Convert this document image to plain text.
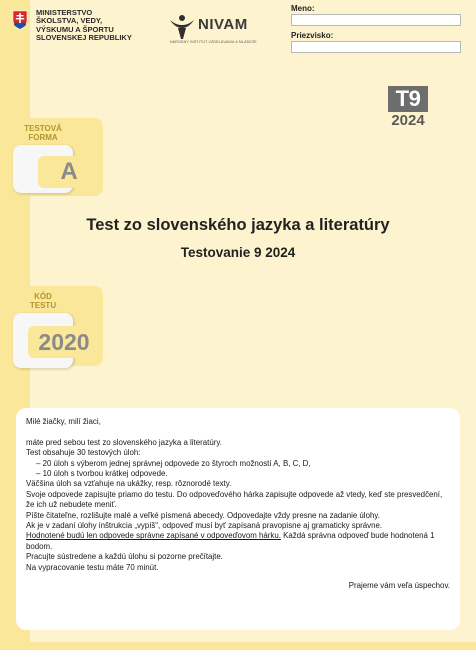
MINISTERSTVO
ŠKOLSTVA, VEDY,
VÝSKUMU A ŠPORTU
SLOVENSKEJ REPUBLIKY
NIVAM
NÁRODNÝ INŠTITÚT VZDELÁVANIA A MLÁDEŽE
Meno:
Priezvisko:
T9
2024
TESTOVÁ
FORMA
A
Test zo slovenského jazyka a literatúry
Testovanie 9 2024
KÓD
TESTU
2020

Milé žiačky, milí žiaci,

máte pred sebou test zo slovenského jazyka a literatúry.

Test obsahuje 30 testových úloh:

– 20 úloh s výberom jednej správnej odpovede zo štyroch možností A, B, C, D,

– 10 úloh s tvorbou krátkej odpovede.

Väčšina úloh sa vzťahuje na ukážky, resp. rôznorodé texty.

Svoje odpovede zapisujte priamo do testu. Do odpoveďového hárka zapisujte odpovede až vtedy, keď ste presvedčení, že ich už nebudete meniť.

Píšte čitateľne, rozlišujte malé a veľké písmená abecedy. Odpovedajte vždy presne na zadanie úlohy.

Ak je v zadaní úlohy inštrukcia „vypíš“, odpoveď musí byť zapísaná pravopisne aj gramaticky správne.

Hodnotené budú len odpovede správne zapísané v odpoveďovom hárku. Každá správna odpoveď bude hodnotená 1 bodom.

Pracujte sústredene a každú úlohu si pozorne prečítajte.

Na vypracovanie testu máte 70 minút.

Prajeme vám veľa úspechov.
